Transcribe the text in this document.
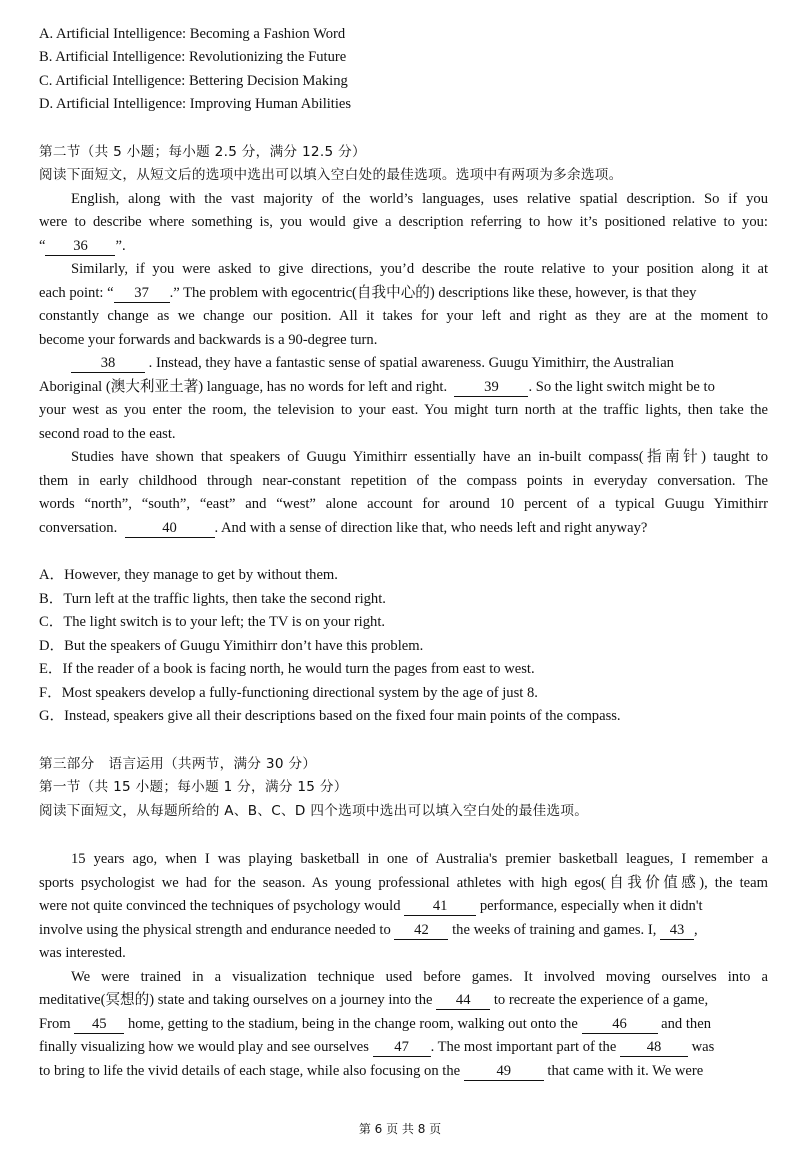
A. Artificial Intelligence: Becoming a Fashion Word
B. Artificial Intelligence: Revolutionizing the Future
C. Artificial Intelligence: Bettering Decision Making
D. Artificial Intelligence: Improving Human Abilities
第二节（共 5 小题；每小题 2.5 分，满分 12.5 分）
阅读下面短文，从短文后的选项中选出可以填入空白处的最佳选项。选项中有两项为多余选项。
English, along with the vast majority of the world’s languages, uses relative spatial description. So if you
were to describe where something is, you would give a description referring to how it’s positioned relative to you:
“ 36 ”.
Similarly, if you were asked to give directions, you’d describe the route relative to your position along it at
each point: “ 37 .” The problem with egocentric(自我中心的) descriptions like these, however, is that they
constantly change as we change our position. All it takes for your left and right as they are at the moment to
become your forwards and backwards is a 90-degree turn.
38 . Instead, they have a fantastic sense of spatial awareness. Guugu Yimithirr, the Australian
Aboriginal (澳大利亚土著) language, has no words for left and right.	39 . So the light switch might be to
your west as you enter the room, the television to your east. You might turn north at the traffic lights, then take the
second road to the east.
Studies have shown that speakers of Guugu Yimithirr essentially have an in-built compass(指南针) taught to
them in early childhood through near-constant repetition of the compass points in everyday conversation. The
words “north”, “south”, “east” and “west” alone account for around 10 percent of a typical Guugu Yimithirr
conversation.	40	. And with a sense of direction like that, who needs left and right anyway?
A．However, they manage to get by without them.
B．Turn left at the traffic lights, then take the second right.
C．The light switch is to your left; the TV is on your right.
D．But the speakers of Guugu Yimithirr don’t have this problem.
E．If the reader of a book is facing north, he would turn the pages from east to west.
F．Most speakers develop a fully-functioning directional system by the age of just 8.
G．Instead, speakers give all their descriptions based on the fixed four main points of the compass.
第三部分　语言运用（共两节，满分 30 分）
第一节（共 15 小题；每小题 1 分，满分 15 分）
阅读下面短文，从每题所给的 A、B、C、D 四个选项中选出可以填入空白处的最佳选项。
15 years ago, when I was playing basketball in one of Australia's premier basketball leagues, I remember a
sports psychologist we had for the season. As young professional athletes with high egos(自我价值感), the team
were not quite convinced the techniques of psychology would 41 performance, especially when it didn't
involve using the physical strength and endurance needed to 42 the weeks of training and games. I, 43 ,
was interested.
We were trained in a visualization technique used before games. It involved moving ourselves into a
meditative(冥想的) state and taking ourselves on a journey into the 44 to recreate the experience of a game,
From 45 home, getting to the stadium, being in the change room, walking out onto the 46 and then
finally visualizing how we would play and see ourselves 47 . The most important part of the 48 was
to bring to life the vivid details of each stage, while also focusing on the 49 that came with it. We were
第 6 页 共 8 页
